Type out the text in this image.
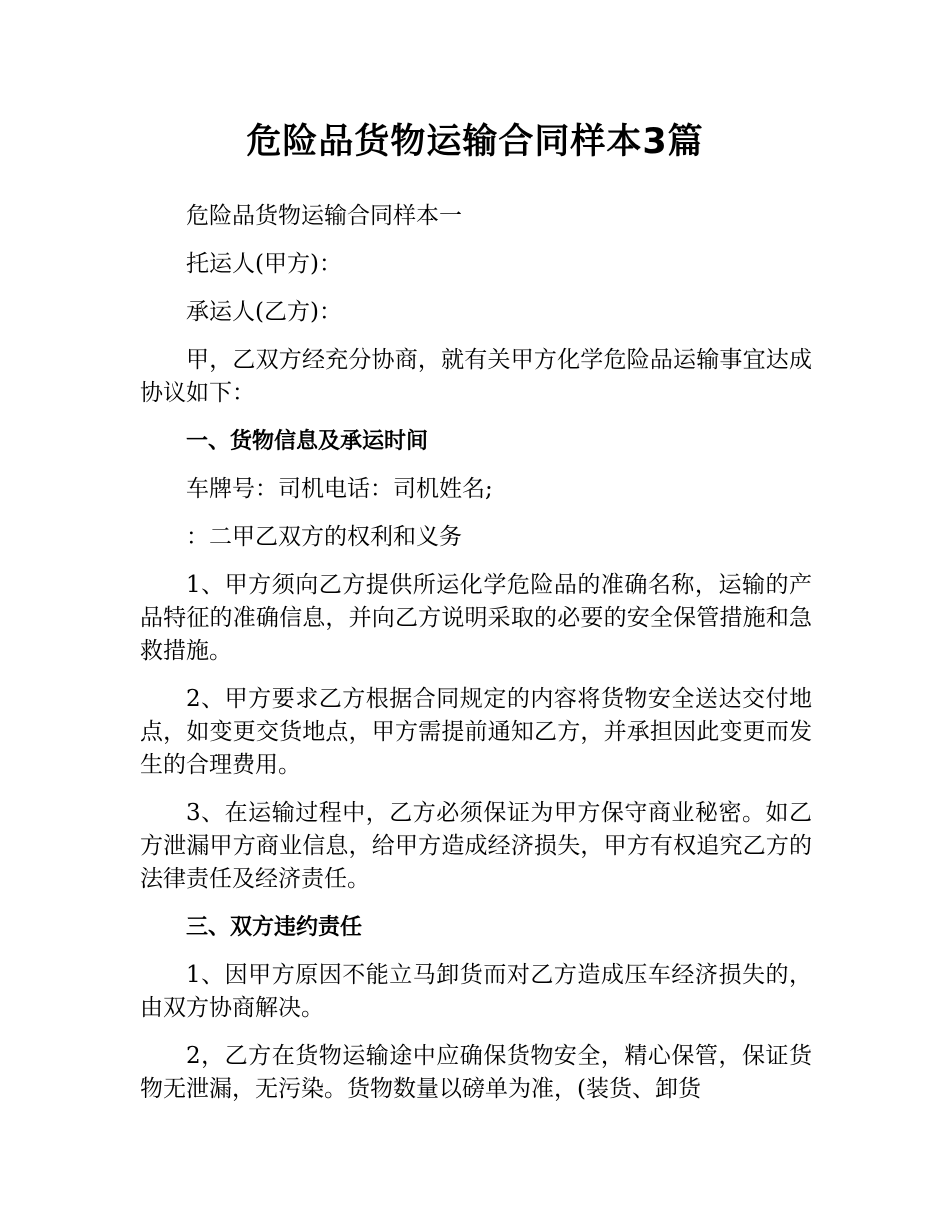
危险品货物运输合同样本3篇

危险品货物运输合同样本一

托运人(甲方)：

承运人(乙方)：

甲，乙双方经充分协商，就有关甲方化学危险品运输事宜达成协议如下：

一、货物信息及承运时间

车牌号：司机电话：司机姓名;

：二甲乙双方的权利和义务

1、甲方须向乙方提供所运化学危险品的准确名称，运输的产品特征的准确信息，并向乙方说明采取的必要的安全保管措施和急救措施。

2、甲方要求乙方根据合同规定的内容将货物安全送达交付地点，如变更交货地点，甲方需提前通知乙方，并承担因此变更而发生的合理费用。

3、在运输过程中，乙方必须保证为甲方保守商业秘密。如乙方泄漏甲方商业信息，给甲方造成经济损失，甲方有权追究乙方的法律责任及经济责任。

三、双方违约责任

1、因甲方原因不能立马卸货而对乙方造成压车经济损失的，由双方协商解决。

2，乙方在货物运输途中应确保货物安全，精心保管，保证货物无泄漏，无污染。货物数量以磅单为准，(装货、卸货
